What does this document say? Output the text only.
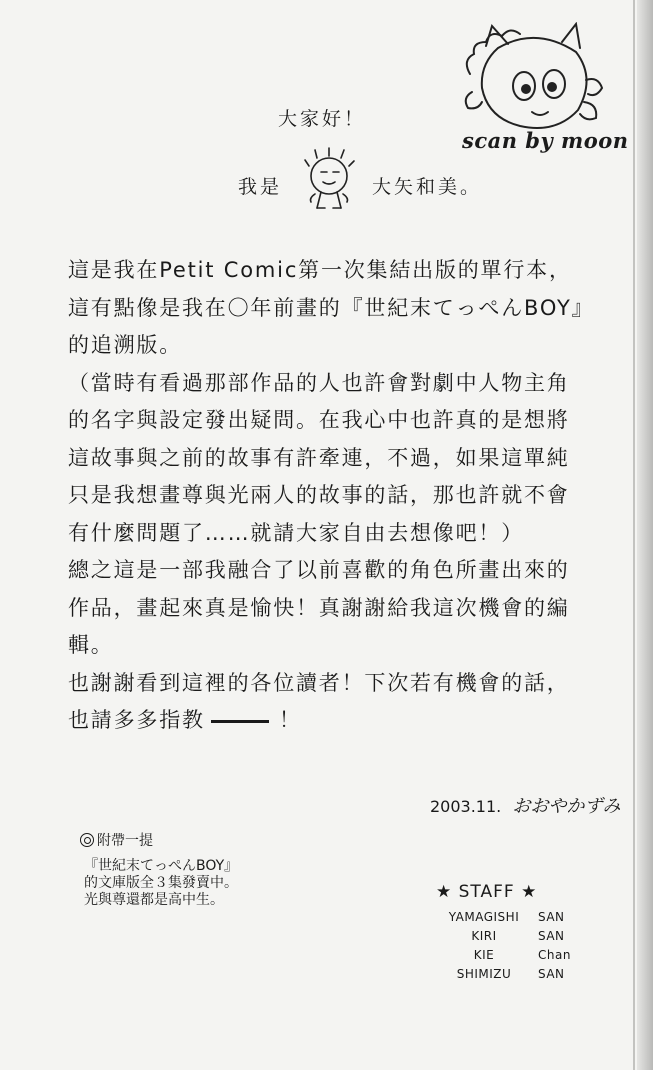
scan by moon
大家好！
我是	大矢和美。
這是我在Petit Comic第一次集結出版的單行本，
這有點像是我在〇年前畫的『世紀末てっぺんBOY』
的追溯版。
（當時有看過那部作品的人也許會對劇中人物主角
的名字與設定發出疑問。在我心中也許真的是想將
這故事與之前的故事有許牽連，不過，如果這單純
只是我想畫尊與光兩人的故事的話，那也許就不會
有什麼問題了……就請大家自由去想像吧！）
總之這是一部我融合了以前喜歡的角色所畫出來的
作品，畫起來真是愉快！真謝謝給我這次機會的編
輯。
也謝謝看到這裡的各位讀者！下次若有機會的話，
也請多多指教	！
2003.11. おおやかずみ
附帶一提
『世紀末てっぺんBOY』
的文庫版全３集發賣中。
光與尊還都是高中生。	★ STAFF ★
YAMAGISHI	SAN
KIRI	SAN
KIE	Chan
SHIMIZU	SAN
